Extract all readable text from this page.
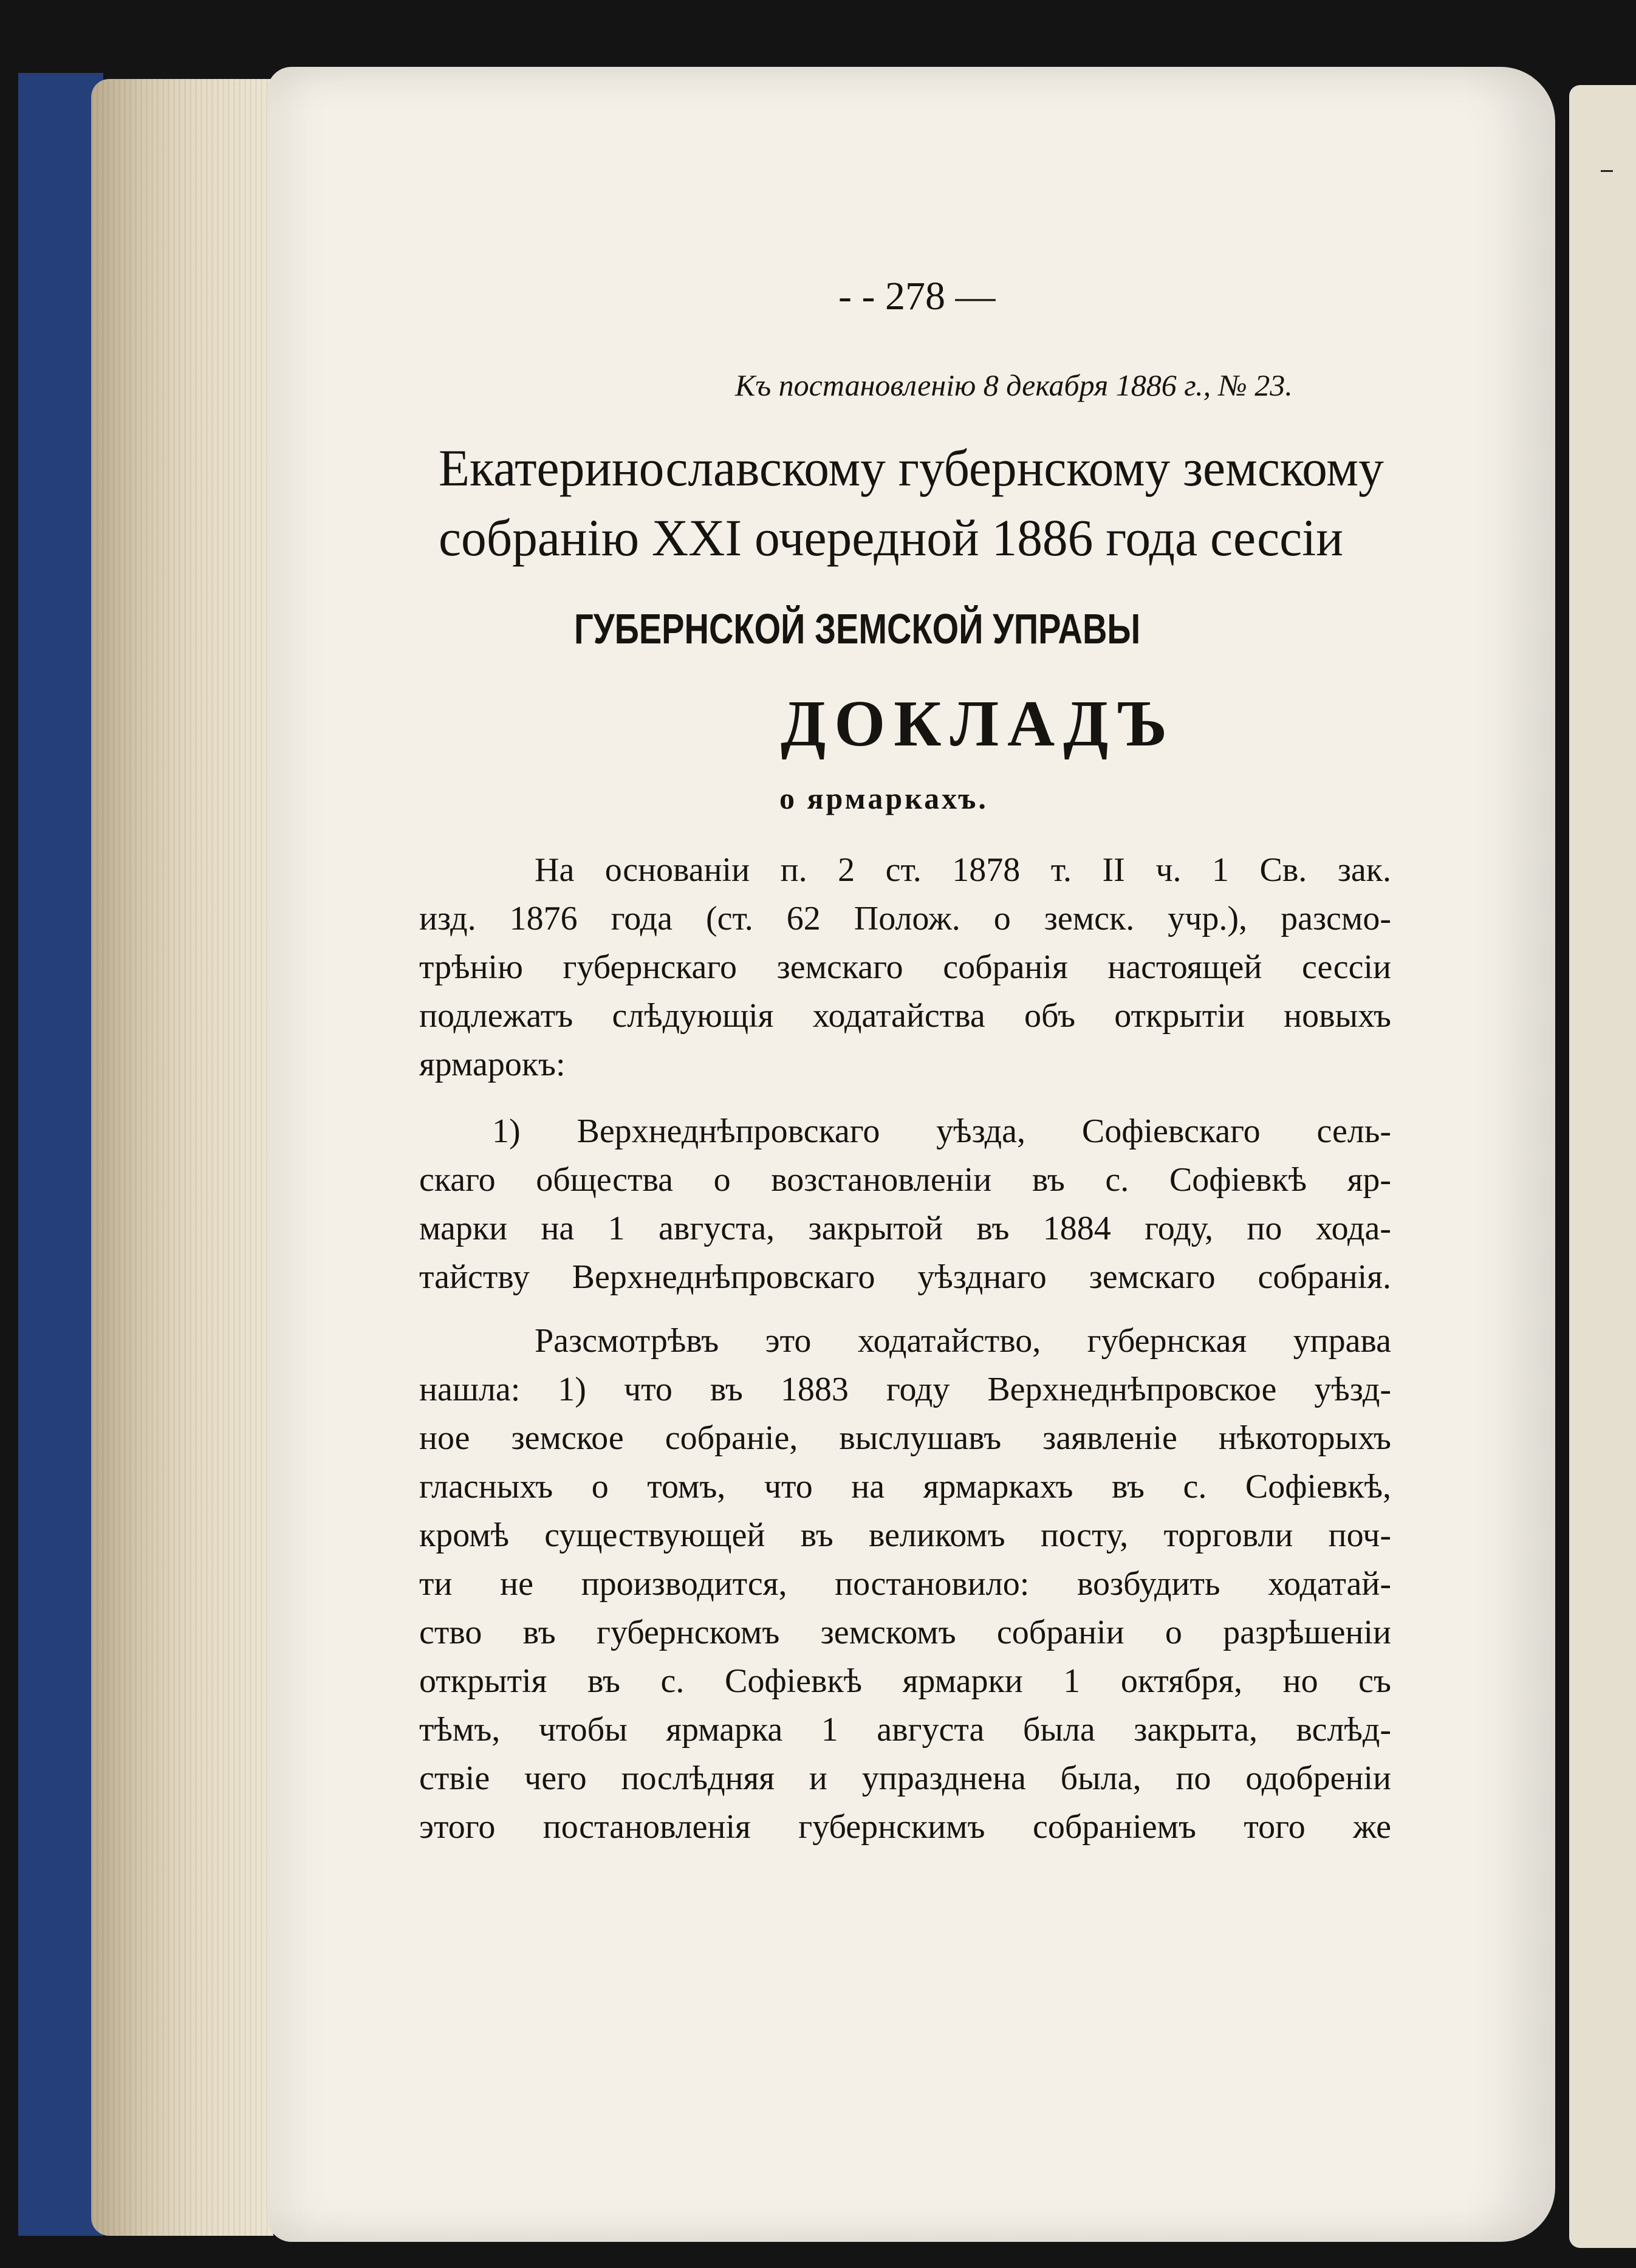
- - 278 —
Къ постановленію 8 декабря 1886 г., № 23.
Екатеринославскому губернскому земскому
собранію XXI очередной 1886 года сессіи
ГУБЕРНСКОЙ ЗЕМСКОЙ УПРАВЫ
ДОКЛАДЪ
о ярмаркахъ.
На основаніи п. 2 ст. 1878 т. II ч. 1 Св. зак.
изд. 1876 года (ст. 62 Полож. о земск. учр.), разсмо-
трѣнію губернскаго земскаго собранія настоящей сессіи
подлежатъ слѣдующія ходатайства объ открытіи новыхъ
ярмарокъ:
1) Верхнеднѣпровскаго уѣзда, Софіевскаго сель-
скаго общества о возстановленіи въ с. Софіевкѣ яр-
марки на 1 августа, закрытой въ 1884 году, по хода-
тайству Верхнеднѣпровскаго уѣзднаго земскаго собранія.
Разсмотрѣвъ это ходатайство, губернская управа
нашла: 1) что въ 1883 году Верхнеднѣпровское уѣзд-
ное земское собраніе, выслушавъ заявленіе нѣкоторыхъ
гласныхъ о томъ, что на ярмаркахъ въ с. Софіевкѣ,
кромѣ существующей въ великомъ посту, торговли поч-
ти не производится, постановило: возбудить ходатай-
ство въ губернскомъ земскомъ собраніи о разрѣшеніи
открытія въ с. Софіевкѣ ярмарки 1 октября, но съ
тѣмъ, чтобы ярмарка 1 августа была закрыта, вслѣд-
ствіе чего послѣдняя и упразднена была, по одобреніи
этого постановленія губернскимъ собраніемъ того же
